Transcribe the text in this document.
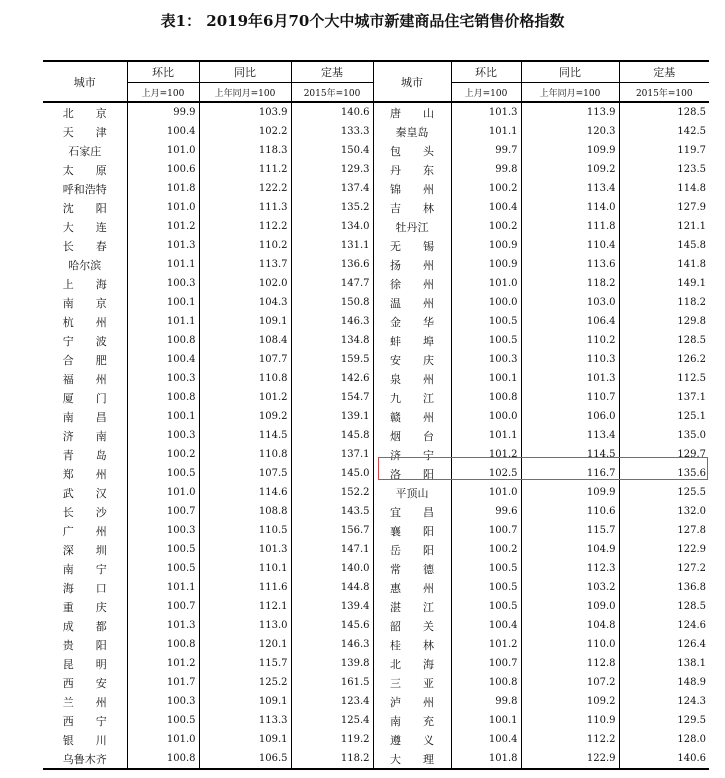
表1： 2019年6月70个大中城市新建商品住宅销售价格指数
城市	环比	同比	定基	城市	环比	同比	定基
	上月=100	上年同月=100	2015年=100		上月=100	上年同月=100	2015年=100
北　　京	99.9	103.9	140.6	唐　　山	101.3	113.9	128.5
天　　津	100.4	102.2	133.3	秦皇岛	101.1	120.3	142.5
石家庄	101.0	118.3	150.4	包　　头	99.7	109.9	119.7
太　　原	100.6	111.2	129.3	丹　　东	99.8	109.2	123.5
呼和浩特	101.8	122.2	137.4	锦　　州	100.2	113.4	114.8
沈　　阳	101.0	111.3	135.2	吉　　林	100.4	114.0	127.9
大　　连	101.2	112.2	134.0	牡丹江	100.2	111.8	121.1
长　　春	101.3	110.2	131.1	无　　锡	100.9	110.4	145.8
哈尔滨	101.1	113.7	136.6	扬　　州	100.9	113.6	141.8
上　　海	100.3	102.0	147.7	徐　　州	101.0	118.2	149.1
南　　京	100.1	104.3	150.8	温　　州	100.0	103.0	118.2
杭　　州	101.1	109.1	146.3	金　　华	100.5	106.4	129.8
宁　　波	100.8	108.4	134.8	蚌　　埠	100.5	110.2	128.5
合　　肥	100.4	107.7	159.5	安　　庆	100.3	110.3	126.2
福　　州	100.3	110.8	142.6	泉　　州	100.1	101.3	112.5
厦　　门	100.8	101.2	154.7	九　　江	100.8	110.7	137.1
南　　昌	100.1	109.2	139.1	赣　　州	100.0	106.0	125.1
济　　南	100.3	114.5	145.8	烟　　台	101.1	113.4	135.0
青　　岛	100.2	110.8	137.1	济　　宁	101.2	114.5	129.7
郑　　州	100.5	107.5	145.0	洛　　阳	102.5	116.7	135.6
武　　汉	101.0	114.6	152.2	平顶山	101.0	109.9	125.5
长　　沙	100.7	108.8	143.5	宜　　昌	99.6	110.6	132.0
广　　州	100.3	110.5	156.7	襄　　阳	100.7	115.7	127.8
深　　圳	100.5	101.3	147.1	岳　　阳	100.2	104.9	122.9
南　　宁	100.5	110.1	140.0	常　　德	100.5	112.3	127.2
海　　口	101.1	111.6	144.8	惠　　州	100.5	103.2	136.8
重　　庆	100.7	112.1	139.4	湛　　江	100.5	109.0	128.5
成　　都	101.3	113.0	145.6	韶　　关	100.4	104.8	124.6
贵　　阳	100.8	120.1	146.3	桂　　林	101.2	110.0	126.4
昆　　明	101.2	115.7	139.8	北　　海	100.7	112.8	138.1
西　　安	101.7	125.2	161.5	三　　亚	100.8	107.2	148.9
兰　　州	100.3	109.1	123.4	泸　　州	99.8	109.2	124.3
西　　宁	100.5	113.3	125.4	南　　充	100.1	110.9	129.5
银　　川	101.0	109.1	119.2	遵　　义	100.4	112.2	128.0
乌鲁木齐	100.8	106.5	118.2	大　　理	101.8	122.9	140.6
